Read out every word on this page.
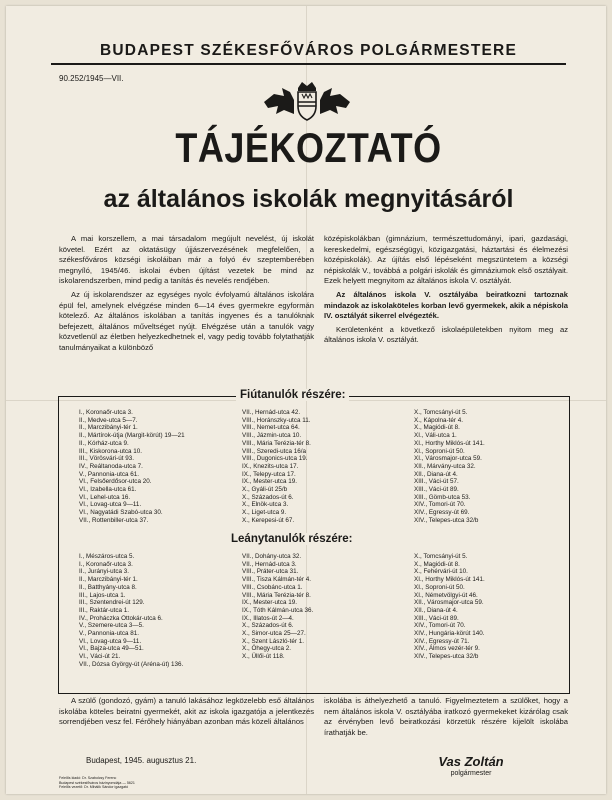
BUDAPEST SZÉKESFŐVÁROS POLGÁRMESTERE
90.252/1945—VII.
TÁJÉKOZTATÓ
az általános iskolák megnyitásáról

A mai korszellem, a mai társadalom megújult nevelést, új iskolát követel. Ezért az oktatásügy újjászervezésének megfelelően, a székesfőváros községi iskoláiban már a folyó év szeptemberében megnyíló, 1945/46. iskolai évben újítást vezetek be mind az iskolarendszerben, mind pedig a tanítás és nevelés rendjében.

Az új iskolarendszer az egységes nyolc évfolyamú általános iskolára épül fel, amelynek elvégzése minden 6—14 éves gyermekre egyformán kötelező. Az általános iskolában a tanítás ingyenes és a tanulóknak befejezett, általános műveltséget nyújt. Elvégzése után a tanulók vagy közvetlenül az életben helyezkedhetnek el, vagy pedig tovább folytathatják tanulmányaikat a különböző

középiskolákban (gimnázium, természettudományi, ipari, gazdasági, kereskedelmi, egészségügyi, közigazgatási, háztartási és élelmezési középiskolák). Az újítás első lépéseként megszüntetem a községi népiskolák V., továbbá a polgári iskolák és gimnáziumok első osztályait. Ezek helyett megnyitom az általános iskola V. osztályát.

Az általános iskola V. osztályába beiratkozni tartoznak mindazok az iskolaköteles korban levő gyermekek, akik a népiskola IV. osztályát sikerrel elvégezték.

Kerületenként a következő iskolaépületekben nyitom meg az általános iskola V. osztályát.

Fiútanulók részére:
I., Koronaőr-utca 3.
II., Medve-utca 5—7.
II., Marczibányi-tér 1.
II., Mártírok-útja (Margit-körút) 19—21
II., Kórház-utca 9.
III., Kiskorona-utca 10.
III., Vörösvári-út 93.
IV., Reáltanoda-utca 7.
V., Pannonia-utca 61.
VI., Felsőerdősor-utca 20.
VI., Izabella-utca 61.
VI., Lehel-utca 16.
VI., Lovag-utca 9—11.
VI., Nagyatádi Szabó-utca 30.
VII., Rottenbiller-utca 37.
VII., Hernád-utca 42.
VIII., Horánszky-utca 11.
VIII., Nemet-utca 64.
VIII., Jázmin-utca 10.
VIII., Mária Terézia-tér 8.
VIII., Szeredi-utca 16/a
VIII., Dugonics-utca 19.
IX., Knezits-utca 17.
IX., Telepy-utca 17.
IX., Mester-utca 19.
X., Gyáli-út 25/b
X., Százados-út 6.
X., Elnök-utca 3.
X., Liget-utca 9.
X., Kerepesi-út 67.
X., Tomcsányi-út 5.
X., Kápolna-tér 4.
X., Magiódi-út 8.
XI., Váli-utca 1.
XI., Horthy Miklós-út 141.
XI., Soproni-út 50.
XI., Városmajor-utca 59.
XII., Márvány-utca 32.
XII., Diana-út 4.
XIII., Váci-út 57.
XIII., Váci-út 89.
XIII., Gömb-utca 53.
XIV., Tomori-út 70.
XIV., Egressy-út 69.
XIV., Telepes-utca 32/b
Leánytanulók részére:
I., Mészáros-utca 5.
I., Koronaőr-utca 3.
II., Jurányi-utca 3.
II., Marczibányi-tér 1.
II., Batthyány-utca 8.
III., Lajos-utca 1.
III., Szentendrei-út 129.
III., Raktár-utca 1.
IV., Proháczka Ottokár-utca 6.
V., Szemere-utca 3—5.
V., Pannonia-utca 81.
VI., Lovag-utca 9—11.
VI., Bajza-utca 49—51.
VI., Váci-út 21.
VII., Dózsa György-út (Aréna-út) 136.
VII., Dohány-utca 32.
VII., Hernád-utca 3.
VIII., Práter-utca 31.
VIII., Tisza Kálmán-tér 4.
VIII., Csobánc-utca 1.
VIII., Mária Terézia-tér 8.
IX., Mester-utca 19.
IX., Tóth Kálmán-utca 36.
IX., Illatos-út 2—4.
X., Százados-út 6.
X., Simor-utca 25—27.
X., Szent László-tér 1.
X., Óhegy-utca 2.
X., Üllői-út 118.
X., Tomcsányi-út 5.
X., Magiódi-út 8.
X., Fehérvári-út 10.
XI., Horthy Miklós-út 141.
XI., Soproni-út 50.
XI., Németvölgyi-út 46.
XII., Városmajor-utca 59.
XII., Diana-út 4.
XIII., Váci-út 89.
XIV., Tomori-út 70.
XIV., Hungária-körút 140.
XIV., Egressy-út 71.
XIV., Álmos vezér-tér 9.
XIV., Telepes-utca 32/b
A szülő (gondozó, gyám) a tanuló lakásához legközelebb eső általános iskolába köteles beiratni gyermekét, akit az iskola igazgatója a jelentkezés sorrendjében vesz fel. Férőhely hiányában azonban más közeli általános
iskolába is áthelyezhető a tanuló. Figyelmeztetem a szülőket, hogy a nem általános iskola V. osztályába iratkozó gyermekeket kizárólag csak az érvényben levő beiratkozási körzetük részére kijelölt iskolába írathatják be.
Budapest, 1945. augusztus 21.	Vas Zoltán
polgármester
Felelős kiadó: Dr. Szabolcsy Ferenc
Budapest székesfőváros házinyomdája — 5621
Felelős vezető: Dr. Mihálik Sándor igazgató
